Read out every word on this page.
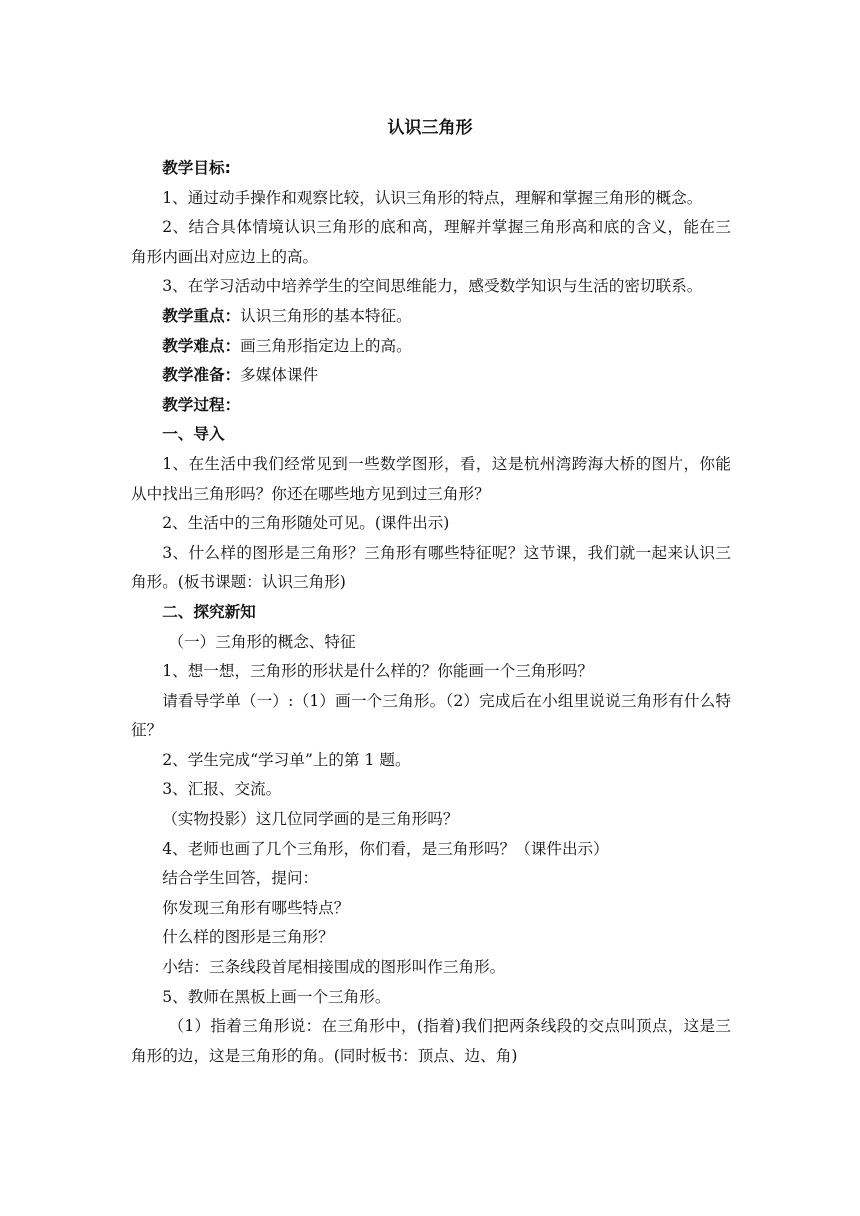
认识三角形

教学目标:

1、通过动手操作和观察比较，认识三角形的特点，理解和掌握三角形的概念。

2、结合具体情境认识三角形的底和高，理解并掌握三角形高和底的含义，能在三角形内画出对应边上的高。

3、在学习活动中培养学生的空间思维能力，感受数学知识与生活的密切联系。

教学重点：认识三角形的基本特征。

教学难点：画三角形指定边上的高。

教学准备：多媒体课件

教学过程：

一、导入

1、在生活中我们经常见到一些数学图形，看，这是杭州湾跨海大桥的图片，你能从中找出三角形吗？你还在哪些地方见到过三角形？

2、生活中的三角形随处可见。(课件出示)

3、什么样的图形是三角形？三角形有哪些特征呢？这节课，我们就一起来认识三角形。(板书课题：认识三角形)

二、探究新知

（一）三角形的概念、特征

1、想一想，三角形的形状是什么样的？你能画一个三角形吗？

请看导学单（一）:（1）画一个三角形。（2）完成后在小组里说说三角形有什么特征？

2、学生完成“学习单”上的第 1 题。

3、汇报、交流。

（实物投影）这几位同学画的是三角形吗？

4、老师也画了几个三角形，你们看，是三角形吗？（课件出示）

结合学生回答，提问：

你发现三角形有哪些特点？

什么样的图形是三角形？

小结：三条线段首尾相接围成的图形叫作三角形。

5、教师在黑板上画一个三角形。

（1）指着三角形说：在三角形中，(指着)我们把两条线段的交点叫顶点，这是三角形的边，这是三角形的角。(同时板书：顶点、边、角)
